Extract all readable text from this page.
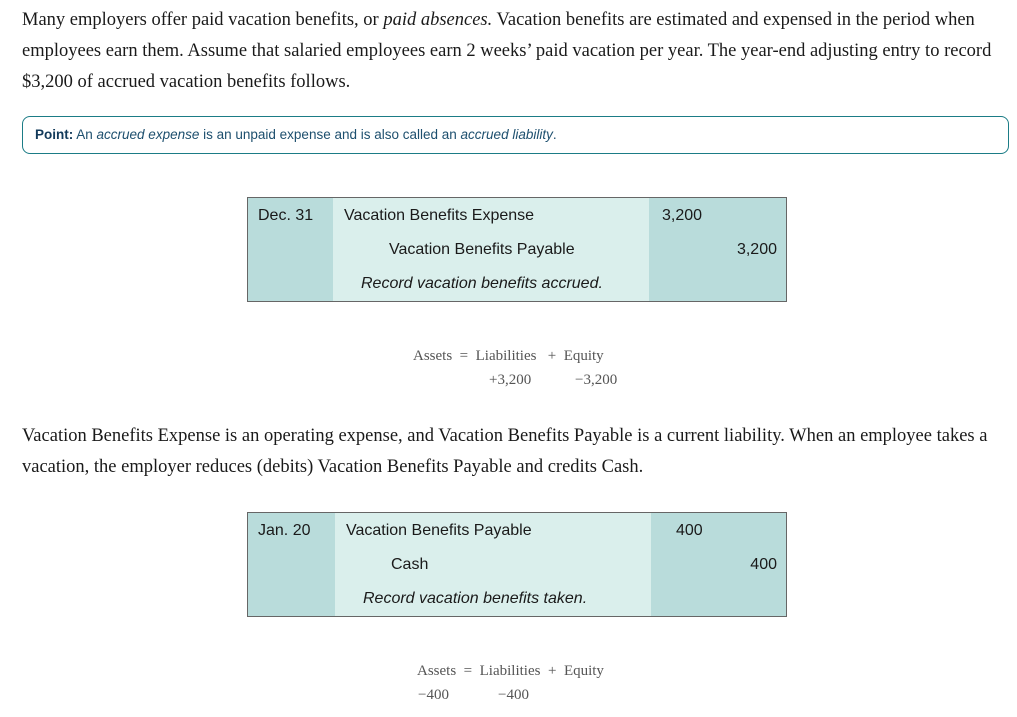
Many employers offer paid vacation benefits, or paid absences. Vacation benefits are estimated and expensed in the period when employees earn them. Assume that salaried employees earn 2 weeks’ paid vacation per year. The year-end adjusting entry to record $3,200 of accrued vacation benefits follows.
Point: An accrued expense is an unpaid expense and is also called an accrued liability.
Dec. 31 Vacation Benefits Expense
Vacation Benefits Payable
Record vacation benefits accrued.
3,200
3,200
Assets = Liabilities + Equity
+3,200	−3,200
Vacation Benefits Expense is an operating expense, and Vacation Benefits Payable is a current liability. When an employee takes a vacation, the employer reduces (debits) Vacation Benefits Payable and credits Cash.
Jan. 20 Vacation Benefits Payable
Cash
Record vacation benefits taken.
400
400
Assets = Liabilities + Equity
−400	−400
